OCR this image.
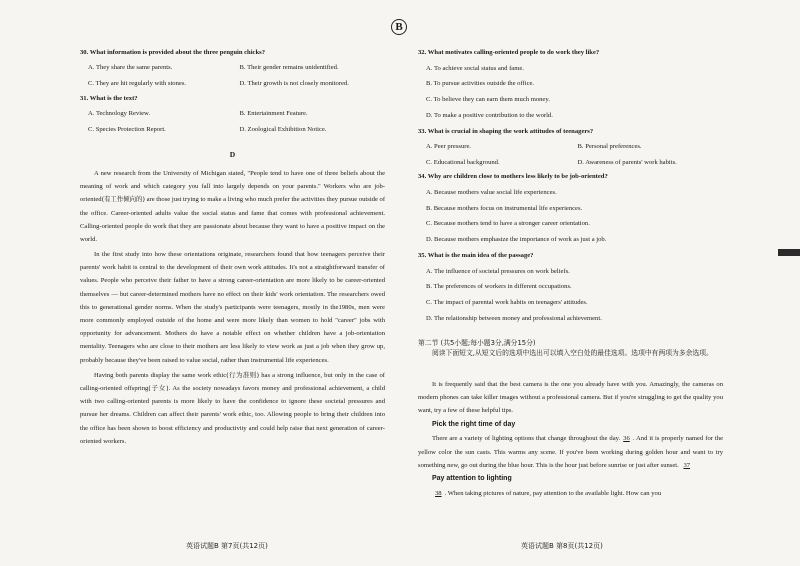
B
30. What information is provided about the three penguin chicks?
A. They share the same parents.	B. Their gender remains unidentified.
C. They are hit regularly with stones.	D. Their growth is not closely monitored.
31. What is the text?
A. Technology Review.	B. Entertainment Feature.
C. Species Protection Report.	D. Zoological Exhibition Notice.
D
A new research from the University of Michigan stated, "People tend to have one of three beliefs about the meaning of work and which category you fall into largely depends on your parents." Workers who are job-oriented(有工作倾向的) are those just trying to make a living who much prefer the activities they pursue outside of the office. Career-oriented adults value the social status and fame that comes with professional achievement. Calling-oriented people do work that they are passionate about because they want to have a positive impact on the world.
In the first study into how these orientations originate, researchers found that how teenagers perceive their parents' work habit is central to the development of their own work attitudes. It's not a straightforward transfer of values. People who perceive their father to have a strong career-orientation are more likely to be career-oriented themselves — but career-determined mothers have no effect on their kids' work orientation. The researchers owed this to generational gender norms. When the study's participants were teenagers, mostly in the1980s, men were more commonly employed outside of the home and were more likely than women to hold "career" jobs with opportunity for advancement. Mothers do have a notable effect on whether children have a job-orientation mentality. Teenagers who are close to their mothers are less likely to view work as just a job when they grow up, probably because they've been raised to value social, rather than instrumental life experiences.
Having both parents display the same work ethic(行为准则) has a strong influence, but only in the case of calling-oriented offspring(子女). As the society nowadays favors money and professional achievement, a child with two calling-oriented parents is more likely to have the confidence to ignore these societal pressures and pursue her dreams. Children can affect their parents' work ethic, too. Allowing people to bring their children into the office has been shown to boost efficiency and productivity and could help raise that next generation of career-oriented workers.
32. What motivates calling-oriented people to do work they like?
A. To achieve social status and fame.
B. To pursue activities outside the office.
C. To believe they can earn them much money.
D. To make a positive contribution to the world.
33. What is crucial in shaping the work attitudes of teenagers?
A. Peer pressure.	B. Personal preferences.
C. Educational background.	D. Awareness of parents' work habits.
34. Why are children close to mothers less likely to be job-oriented?
A. Because mothers value social life experiences.
B. Because mothers focus on instrumental life experiences.
C. Because mothers tend to have a stronger career orientation.
D. Because mothers emphasize the importance of work as just a job.
35. What is the main idea of the passage?
A. The influence of societal pressures on work beliefs.
B. The preferences of workers in different occupations.
C. The impact of parental work habits on teenagers' attitudes.
D. The relationship between money and professional achievement.
第二节 (共5小题;每小题3分,满分15分)
阅读下面短文,从短文后的选项中选出可以填入空白处的最佳选项。选项中有两项为多余选项。
It is frequently said that the best camera is the one you already have with you. Amazingly, the cameras on modern phones can take killer images without a professional camera. But if you're struggling to get the quality you want, try a few of these helpful tips.
Pick the right time of day
There are a variety of lighting options that change throughout the day. 36 . And it is properly named for the yellow color the sun casts. This warms any scene. If you've been working during golden hour and want to try something new, go out during the blue hour. This is the hour just before sunrise or just after sunset. 37
Pay attention to lighting
38 . When taking pictures of nature, pay attention to the available light. How can you
英语试题B 第7页(共12页)	英语试题B 第8页(共12页)
